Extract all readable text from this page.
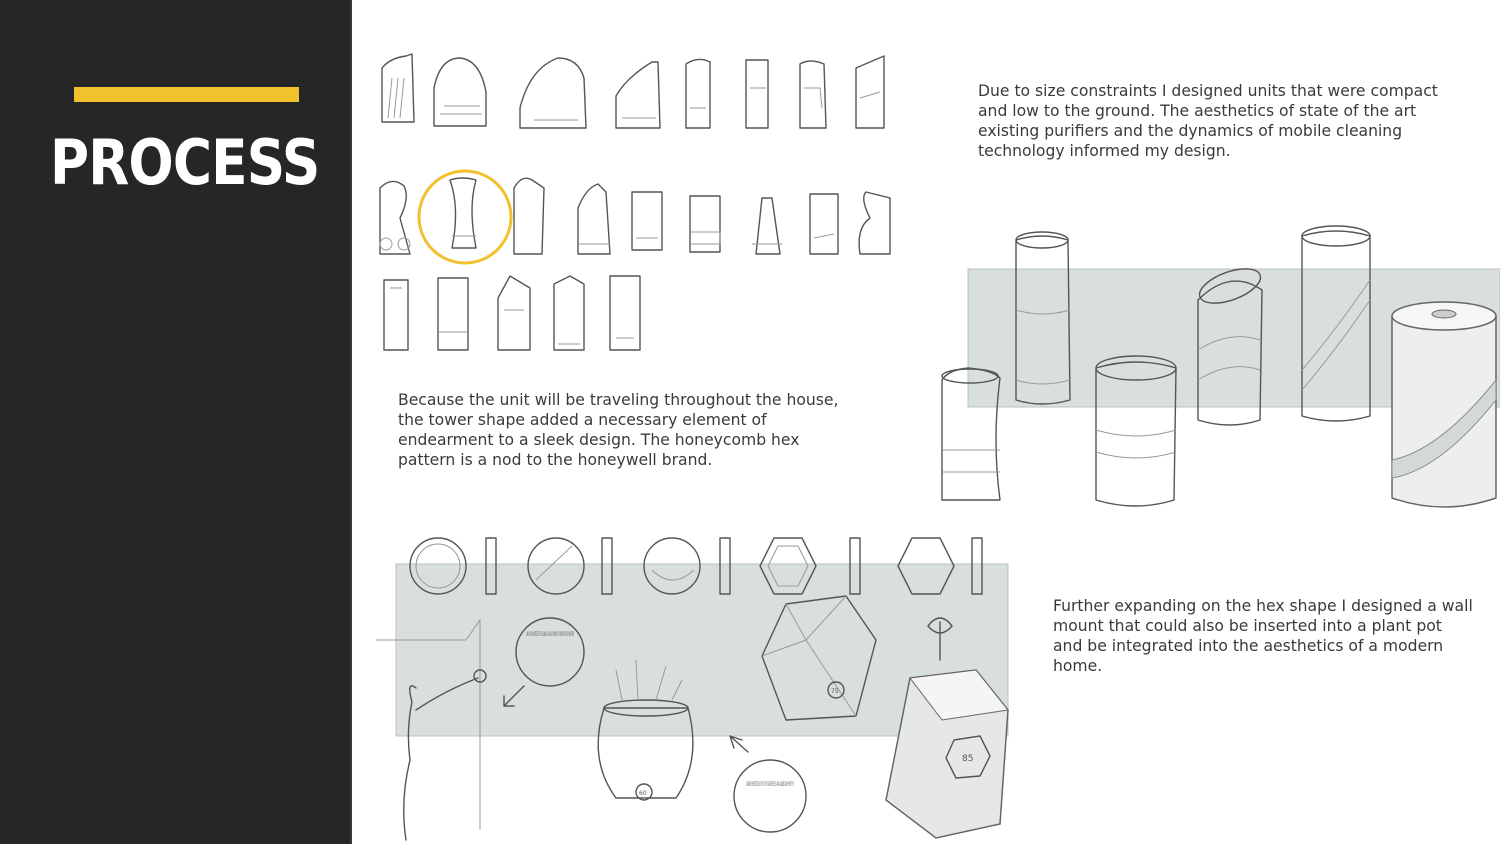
PROCESS

Due to size constraints I designed units that were compact and low to the ground. The aesthetics of state of the art existing purifiers and the dynamics of mobile cleaning technology informed my design.

Because the unit will be traveling throughout the house, the tower shape added a necessary element of endearment to a sleek design. The honeycomb hex pattern is a nod to the honeywell brand.

Further expanding on the hex shape I designed a wall mount that could also be inserted into a plant pot and be integrated into the aesthetics of a modern home.

CAN BE MOUNTED TO THE WALL IN EACH ROOM TO INFORM THE PURIFIER
60
CAN BE INSERTED INTO POT FOR AESTHETICS AND ADDED AIR PURITY!!!
75
85
